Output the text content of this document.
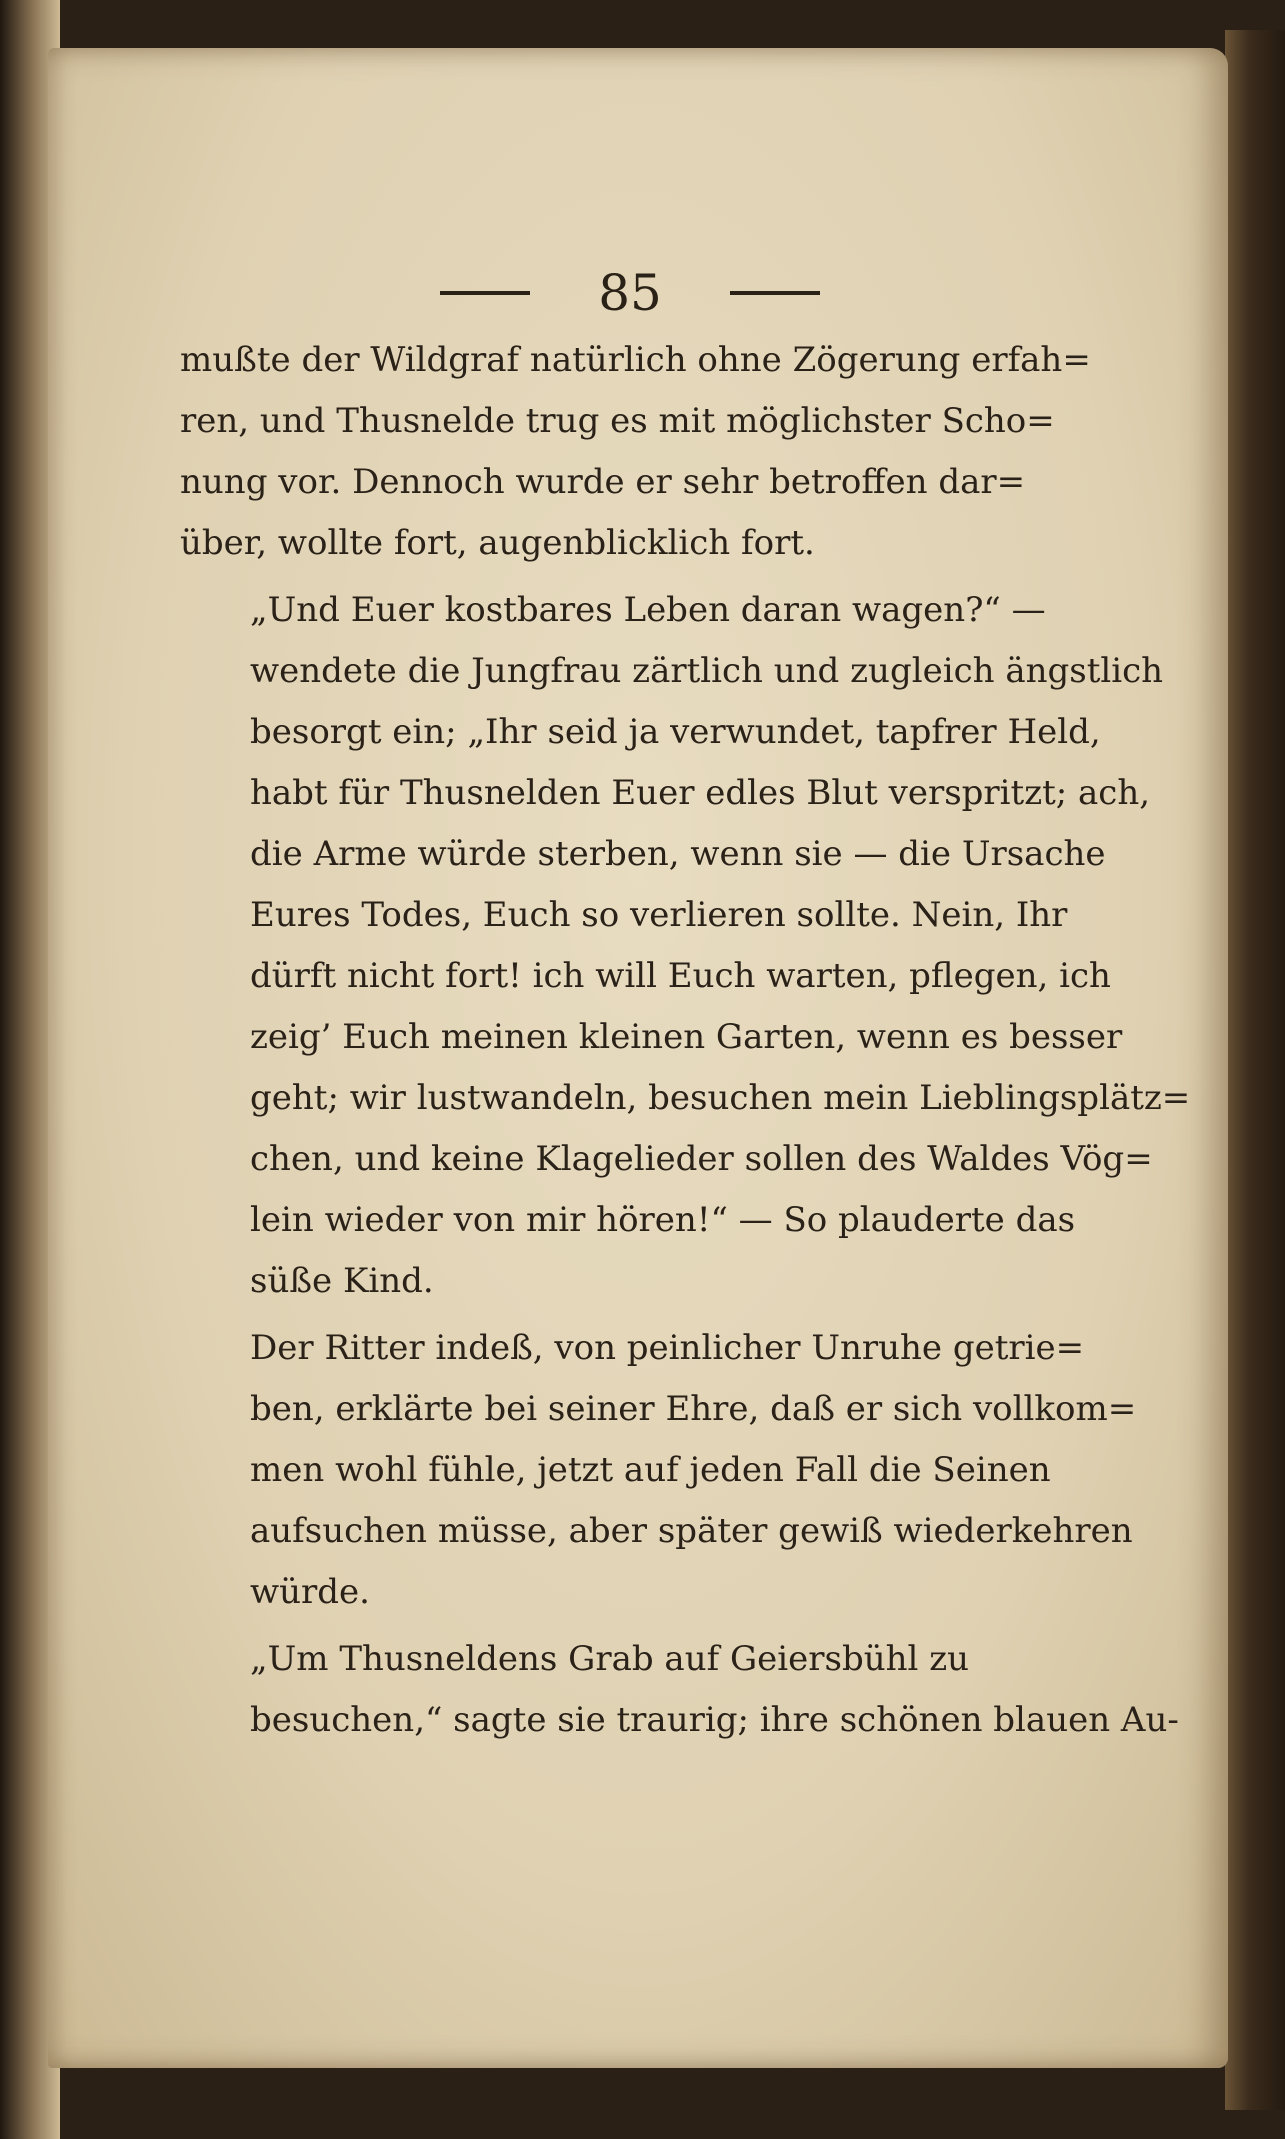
85

mußte der Wildgraf natürlich ohne Zögerung erfah=
ren, und Thusnelde trug es mit möglichster Scho=
nung vor. Dennoch wurde er sehr betroffen dar=
über, wollte fort, augenblicklich fort.

„Und Euer kostbares Leben daran wagen?“ —
wendete die Jungfrau zärtlich und zugleich ängstlich
besorgt ein; „Ihr seid ja verwundet, tapfrer Held,
habt für Thusnelden Euer edles Blut verspritzt; ach,
die Arme würde sterben, wenn sie — die Ursache
Eures Todes, Euch so verlieren sollte. Nein, Ihr
dürft nicht fort! ich will Euch warten, pflegen, ich
zeig’ Euch meinen kleinen Garten, wenn es besser
geht; wir lustwandeln, besuchen mein Lieblingsplätz=
chen, und keine Klagelieder sollen des Waldes Vög=
lein wieder von mir hören!“ — So plauderte das
süße Kind.

Der Ritter indeß, von peinlicher Unruhe getrie=
ben, erklärte bei seiner Ehre, daß er sich vollkom=
men wohl fühle, jetzt auf jeden Fall die Seinen
aufsuchen müsse, aber später gewiß wiederkehren
würde.

„Um Thusneldens Grab auf Geiersbühl zu
besuchen,“ sagte sie traurig; ihre schönen blauen Au-
